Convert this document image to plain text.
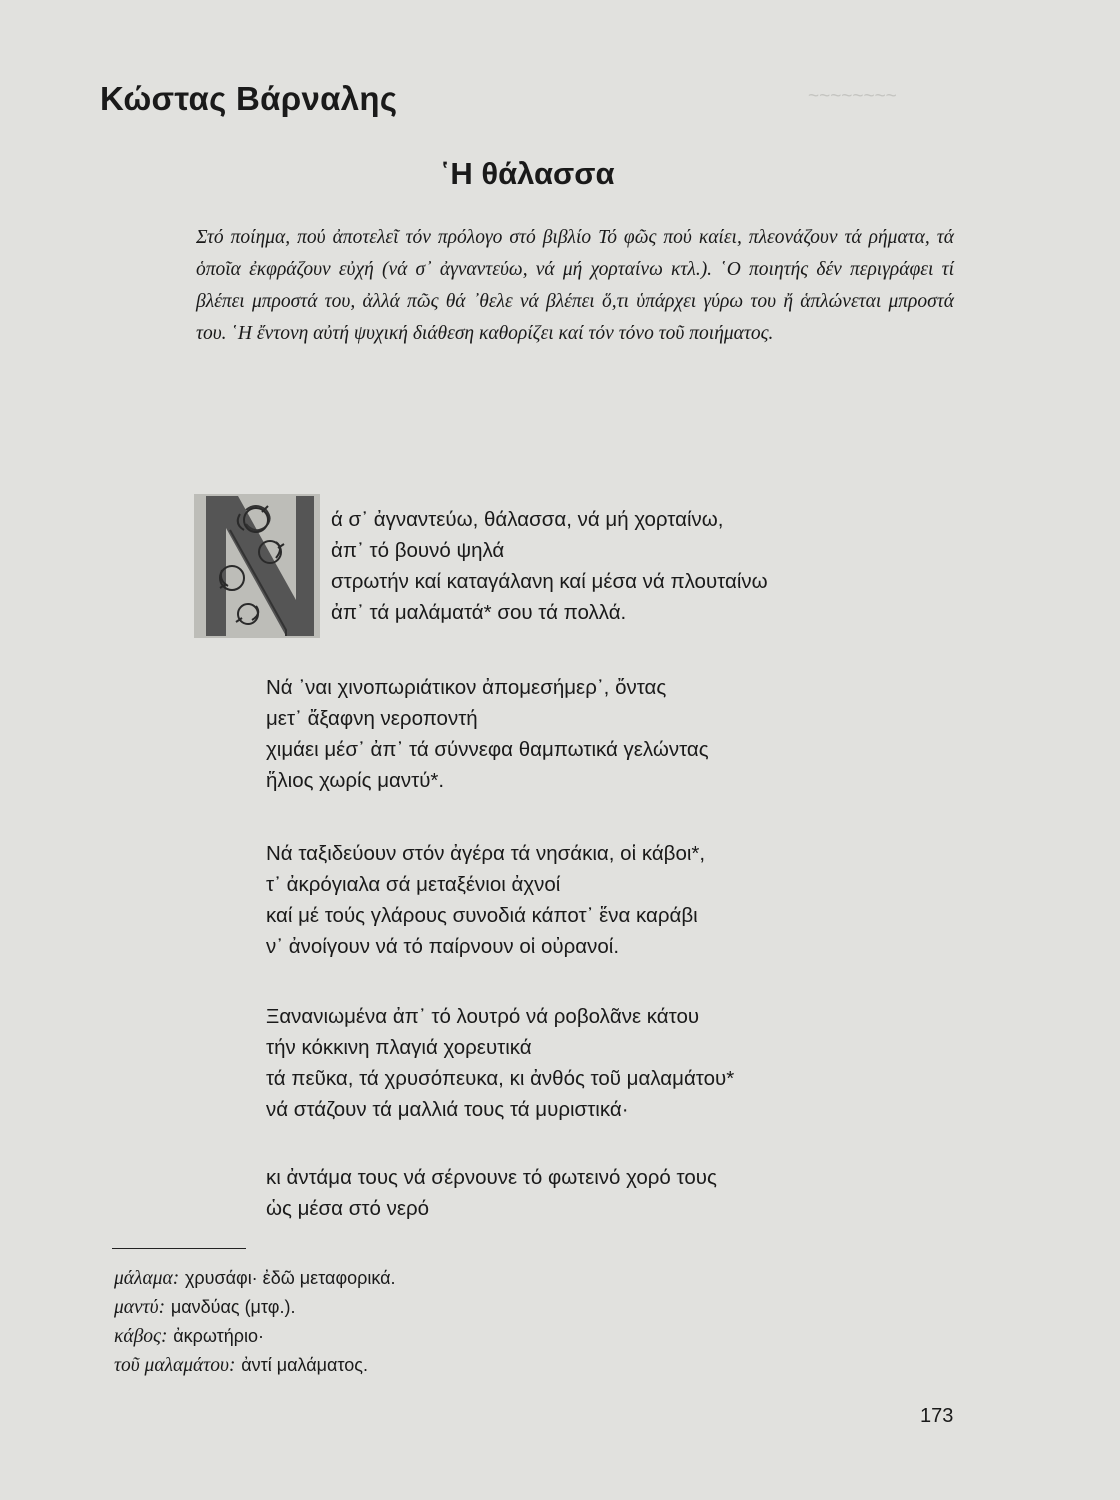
~~~~~~~~
Κώστας Βάρναλης
῾Η θάλασσα

Στό ποίημα, πού ἀποτελεῖ τόν πρόλογο στό βιβλίο Τό φῶς πού καίει, πλεονάζουν τά ρήματα, τά ὁποῖα ἐκφράζουν εὐχή (νά σ᾽ ἀγναντεύω, νά μή χορταίνω κτλ.). ῾Ο ποιητής δέν περιγράφει τί βλέπει μπροστά του, ἀλλά πῶς θά ᾽θελε νά βλέπει ὅ,τι ὑπάρχει γύρω του ἤ ἁπλώνεται μπροστά του. ῾Η ἔντονη αὐτή ψυχική διάθεση καθορίζει καί τόν τόνο τοῦ ποιήματος.

ά σ᾽ ἀγναντεύω, θάλασσα, νά μή χορταίνω,
ἀπ᾽ τό βουνό ψηλά
στρωτήν καί καταγάλανη καί μέσα νά πλουταίνω
ἀπ᾽ τά μαλάματά* σου τά πολλά.
Νά ᾽ναι χινοπωριάτικον ἀπομεσήμερ᾽, ὄντας
μετ᾽ ἄξαφνη νεροποντή
χιμάει μέσ᾽ ἀπ᾽ τά σύννεφα θαμπωτικά γελώντας
ἥλιος χωρίς μαντύ*.
Νά ταξιδεύουν στόν ἀγέρα τά νησάκια, οἱ κάβοι*,
τ᾽ ἀκρόγιαλα σά μεταξένιοι ἀχνοί
καί μέ τούς γλάρους συνοδιά κάποτ᾽ ἕνα καράβι
ν᾽ ἀνοίγουν νά τό παίρνουν οἱ οὐρανοί.
Ξανανιωμένα ἀπ᾽ τό λουτρό νά ροβολᾶνε κάτου
τήν κόκκινη πλαγιά χορευτικά
τά πεῦκα, τά χρυσόπευκα, κι ἀνθός τοῦ μαλαμάτου*
νά στάζουν τά μαλλιά τους τά μυριστικά·
κι ἀντάμα τους νά σέρνουνε τό φωτεινό χορό τους
ὡς μέσα στό νερό
μάλαμα: χρυσάφι· ἐδῶ μεταφορικά.
μαντύ: μανδύας (μτφ.).
κάβος: ἀκρωτήριο·
τοῦ μαλαμάτου: ἀντί μαλάματος.
173
